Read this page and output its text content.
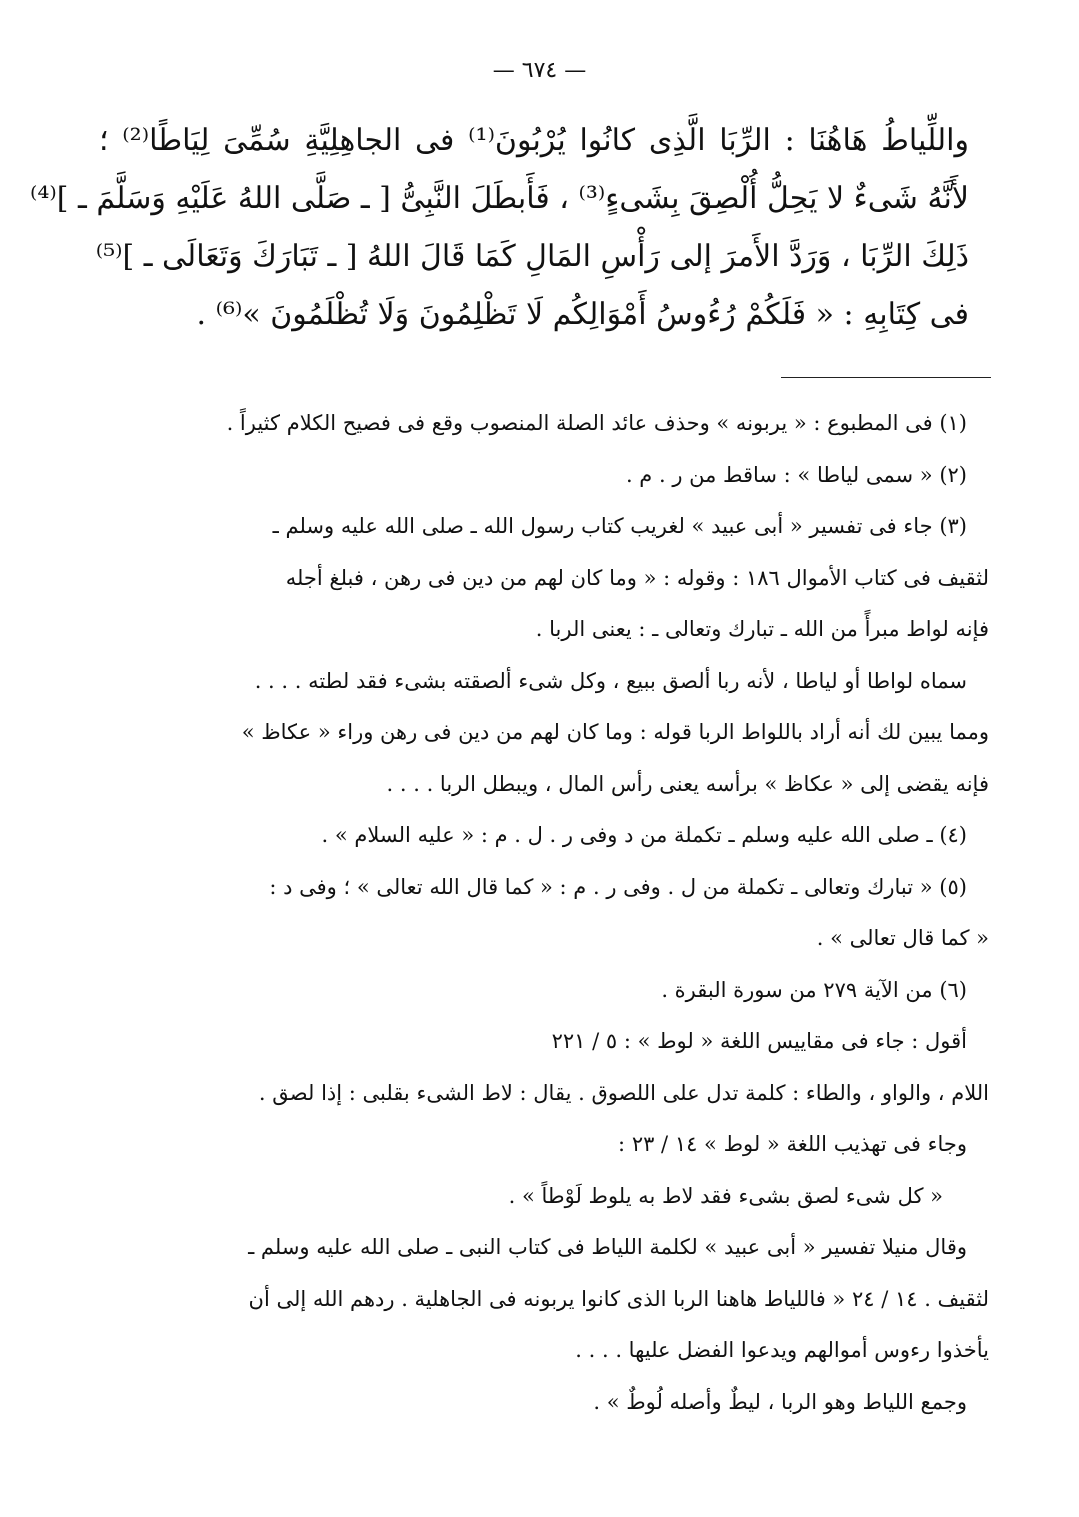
— ٦٧٤ —
واللِّياطُ هَاهُنَا : الرِّبَا الَّذِى كانُوا يُرْبُونَ⁽¹⁾ فى الجاهِلِيَّةِ سُمِّىَ لِيَاطًا⁽²⁾ ؛
لأَنَّهُ شَىءٌ لا يَحِلُّ أُلْصِقَ بِشَىءٍ⁽³⁾ ، فَأَبطَلَ النَّبِىُّ [ ـ صَلَّى اللهُ عَلَيْهِ وَسَلَّمَ ـ ]⁽⁴⁾
ذَلِكَ الرِّبَا ، وَرَدَّ الأَمرَ إلى رَأْسِ المَالِ كَمَا قَالَ اللهُ [ ـ تَبَارَكَ وَتَعَالَى ـ ]⁽⁵⁾
فى كِتَابِهِ : « فَلَكُمْ رُءُوسُ أَمْوَالِكُم لَا تَظْلِمُونَ وَلَا تُظْلَمُونَ »⁽⁶⁾ .
(١) فى المطبوع : « يربونه » وحذف عائد الصلة المنصوب وقع فى فصيح الكلام كثيراً .
(٢) « سمى لياطا » : ساقط من ر . م .
(٣) جاء فى تفسير « أبى عبيد » لغريب كتاب رسول الله ـ صلى الله عليه وسلم ـ
لثقيف فى كتاب الأموال ١٨٦ : وقوله : « وما كان لهم من دين فى رهن ، فبلغ أجله
فإنه لواط مبرأً من الله ـ تبارك وتعالى ـ : يعنى الربا .
سماه لواطا أو لياطا ، لأنه ربا ألصق ببيع ، وكل شىء ألصقته بشىء فقد لطته . . . .
ومما يبين لك أنه أراد باللواط الربا قوله : وما كان لهم من دين فى رهن وراء « عكاظ »
فإنه يقضى إلى « عكاظ » برأسه يعنى رأس المال ، ويبطل الربا . . . .
(٤) ـ صلى الله عليه وسلم ـ تكملة من د وفى ر . ل . م : « عليه السلام » .
(٥) « تبارك وتعالى ـ تكملة من ل . وفى ر . م : « كما قال الله تعالى » ؛ وفى د :
« كما قال تعالى » .
(٦) من الآية ٢٧٩ من سورة البقرة .
أقول : جاء فى مقاييس اللغة « لوط » : ٥ / ٢٢١
اللام ، والواو ، والطاء : كلمة تدل على اللصوق . يقال : لاط الشىء بقلبى : إذا لصق .
وجاء فى تهذيب اللغة « لوط » ١٤ / ٢٣ :
« كل شىء لصق بشىء فقد لاط به يلوط لَوْطاً » .
وقال منيلا تفسير « أبى عبيد » لكلمة اللياط فى كتاب النبى ـ صلى الله عليه وسلم ـ
لثقيف . ١٤ / ٢٤ « فاللياط هاهنا الربا الذى كانوا يربونه فى الجاهلية . ردهم الله إلى أن
يأخذوا رءوس أموالهم ويدعوا الفضل عليها . . . .
وجمع اللياط وهو الربا ، ليطٌ وأصله لُوطٌ » .
